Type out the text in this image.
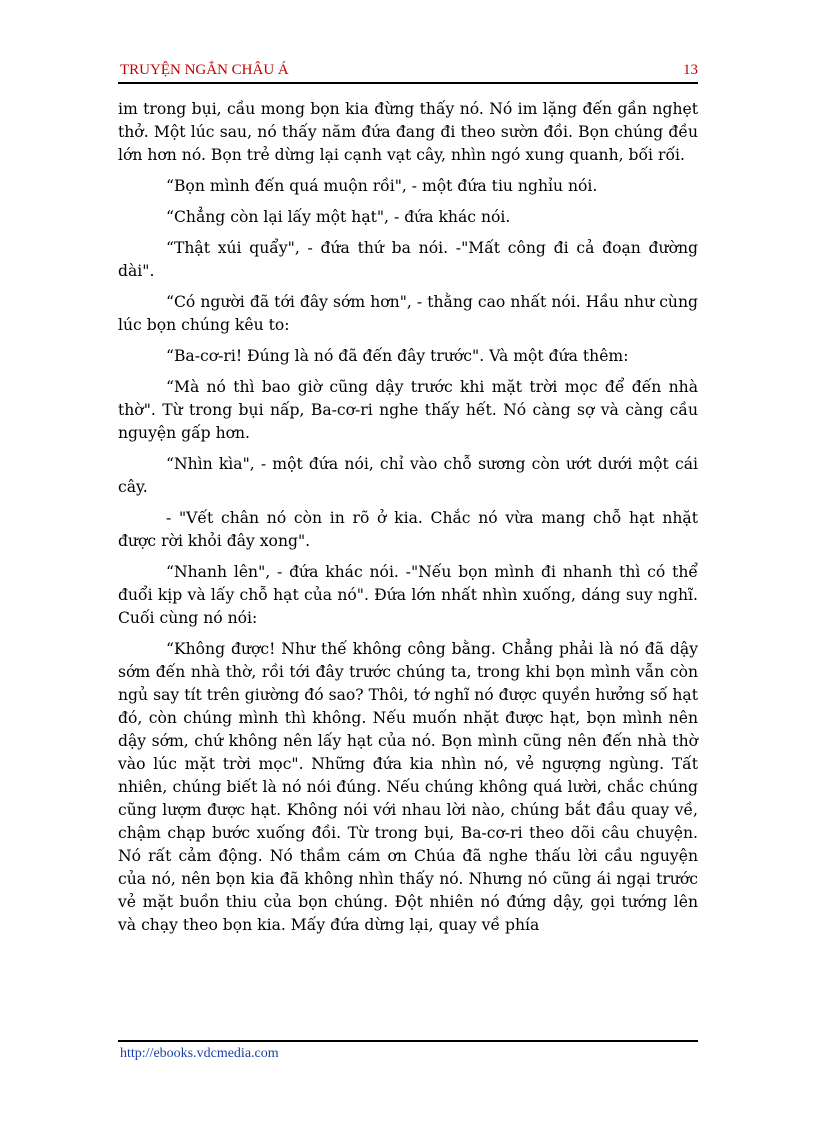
TRUYỆN NGẮN CHÂU Á	13

im trong bụi, cầu mong bọn kia đừng thấy nó. Nó im lặng đến gần nghẹt thở. Một lúc sau, nó thấy năm đứa đang đi theo sườn đồi. Bọn chúng đều lớn hơn nó. Bọn trẻ dừng lại cạnh vạt cây, nhìn ngó xung quanh, bối rối.

“Bọn mình đến quá muộn rồi", - một đứa tiu nghỉu nói.

“Chẳng còn lại lấy một hạt", - đứa khác nói.

“Thật xúi quẩy", - đứa thứ ba nói. -"Mất công đi cả đoạn đường dài".

“Có người đã tới đây sớm hơn", - thằng cao nhất nói. Hầu như cùng lúc bọn chúng kêu to:

“Ba-cơ-ri! Đúng là nó đã đến đây trước". Và một đứa thêm:

“Mà nó thì bao giờ cũng dậy trước khi mặt trời mọc để đến nhà thờ". Từ trong bụi nấp, Ba-cơ-ri nghe thấy hết. Nó càng sợ và càng cầu nguyện gấp hơn.

“Nhìn kìa", - một đứa nói, chỉ vào chỗ sương còn ướt dưới một cái cây.

- "Vết chân nó còn in rõ ở kia. Chắc nó vừa mang chỗ hạt nhặt được rời khỏi đây xong".

“Nhanh lên", - đứa khác nói. -"Nếu bọn mình đi nhanh thì có thể đuổi kịp và lấy chỗ hạt của nó". Đứa lớn nhất nhìn xuống, dáng suy nghĩ. Cuối cùng nó nói:

“Không được! Như thế không công bằng. Chẳng phải là nó đã dậy sớm đến nhà thờ, rồi tới đây trước chúng ta, trong khi bọn mình vẫn còn ngủ say tít trên giường đó sao? Thôi, tớ nghĩ nó được quyền hưởng số hạt đó, còn chúng mình thì không. Nếu muốn nhặt được hạt, bọn mình nên dậy sớm, chứ không nên lấy hạt của nó. Bọn mình cũng nên đến nhà thờ vào lúc mặt trời mọc". Những đứa kia nhìn nó, vẻ ngượng ngùng. Tất nhiên, chúng biết là nó nói đúng. Nếu chúng không quá lười, chắc chúng cũng lượm được hạt. Không nói với nhau lời nào, chúng bắt đầu quay về, chậm chạp bước xuống đồi. Từ trong bụi, Ba-cơ-ri theo dõi câu chuyện. Nó rất cảm động. Nó thầm cám ơn Chúa đã nghe thấu lời cầu nguyện của nó, nên bọn kia đã không nhìn thấy nó. Nhưng nó cũng ái ngại trước vẻ mặt buồn thiu của bọn chúng. Đột nhiên nó đứng dậy, gọi tướng lên và chạy theo bọn kia. Mấy đứa dừng lại, quay về phía

http://ebooks.vdcmedia.com
